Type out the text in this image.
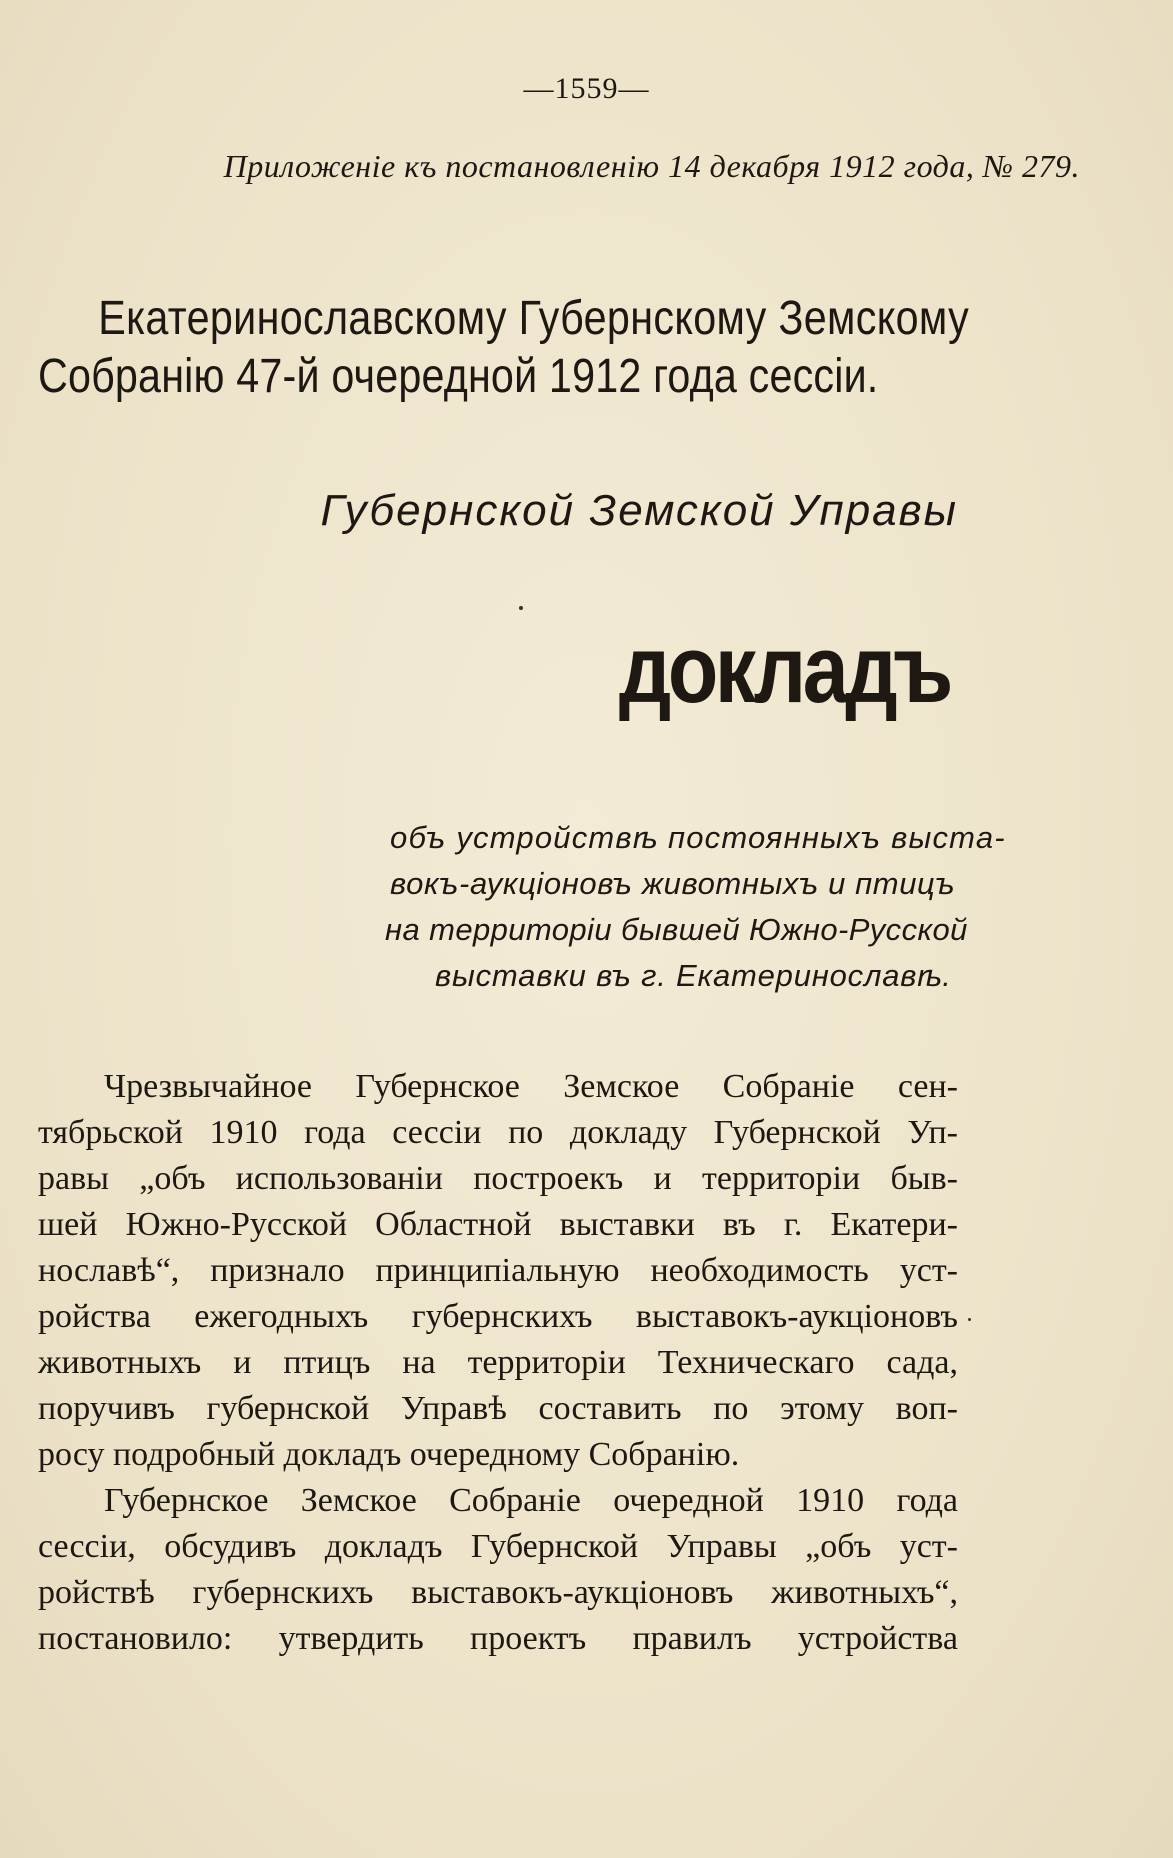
—1559—
Приложеніе къ постановленію 14 декабря 1912 года, № 279.
Екатеринославскому Губернскому Земскому
Собранію 47-й очередной 1912 года сессіи.
Губернской Земской Управы
докладъ
объ устройствѣ постоянныхъ выста-
вокъ-аукціоновъ животныхъ и птицъ
на территоріи бывшей Южно-Русской
выставки въ г. Екатеринославѣ.
Чрезвычайное Губернское Земское Собраніе сен-
тябрьской 1910 года сессіи по докладу Губернской Уп-
равы „объ использованіи построекъ и территоріи быв-
шей Южно-Русской Областной выставки въ г. Екатери-
нославѣ“, признало принципіальную необходимость уст-
ройства ежегодныхъ губернскихъ выставокъ-аукціоновъ
животныхъ и птицъ на территоріи Техническаго сада,
поручивъ губернской Управѣ составить по этому воп-
росу подробный докладъ очередному Собранію.
Губернское Земское Собраніе очередной 1910 года
сессіи, обсудивъ докладъ Губернской Управы „объ уст-
ройствѣ губернскихъ выставокъ-аукціоновъ животныхъ“,
постановило: утвердить проектъ правилъ устройства
